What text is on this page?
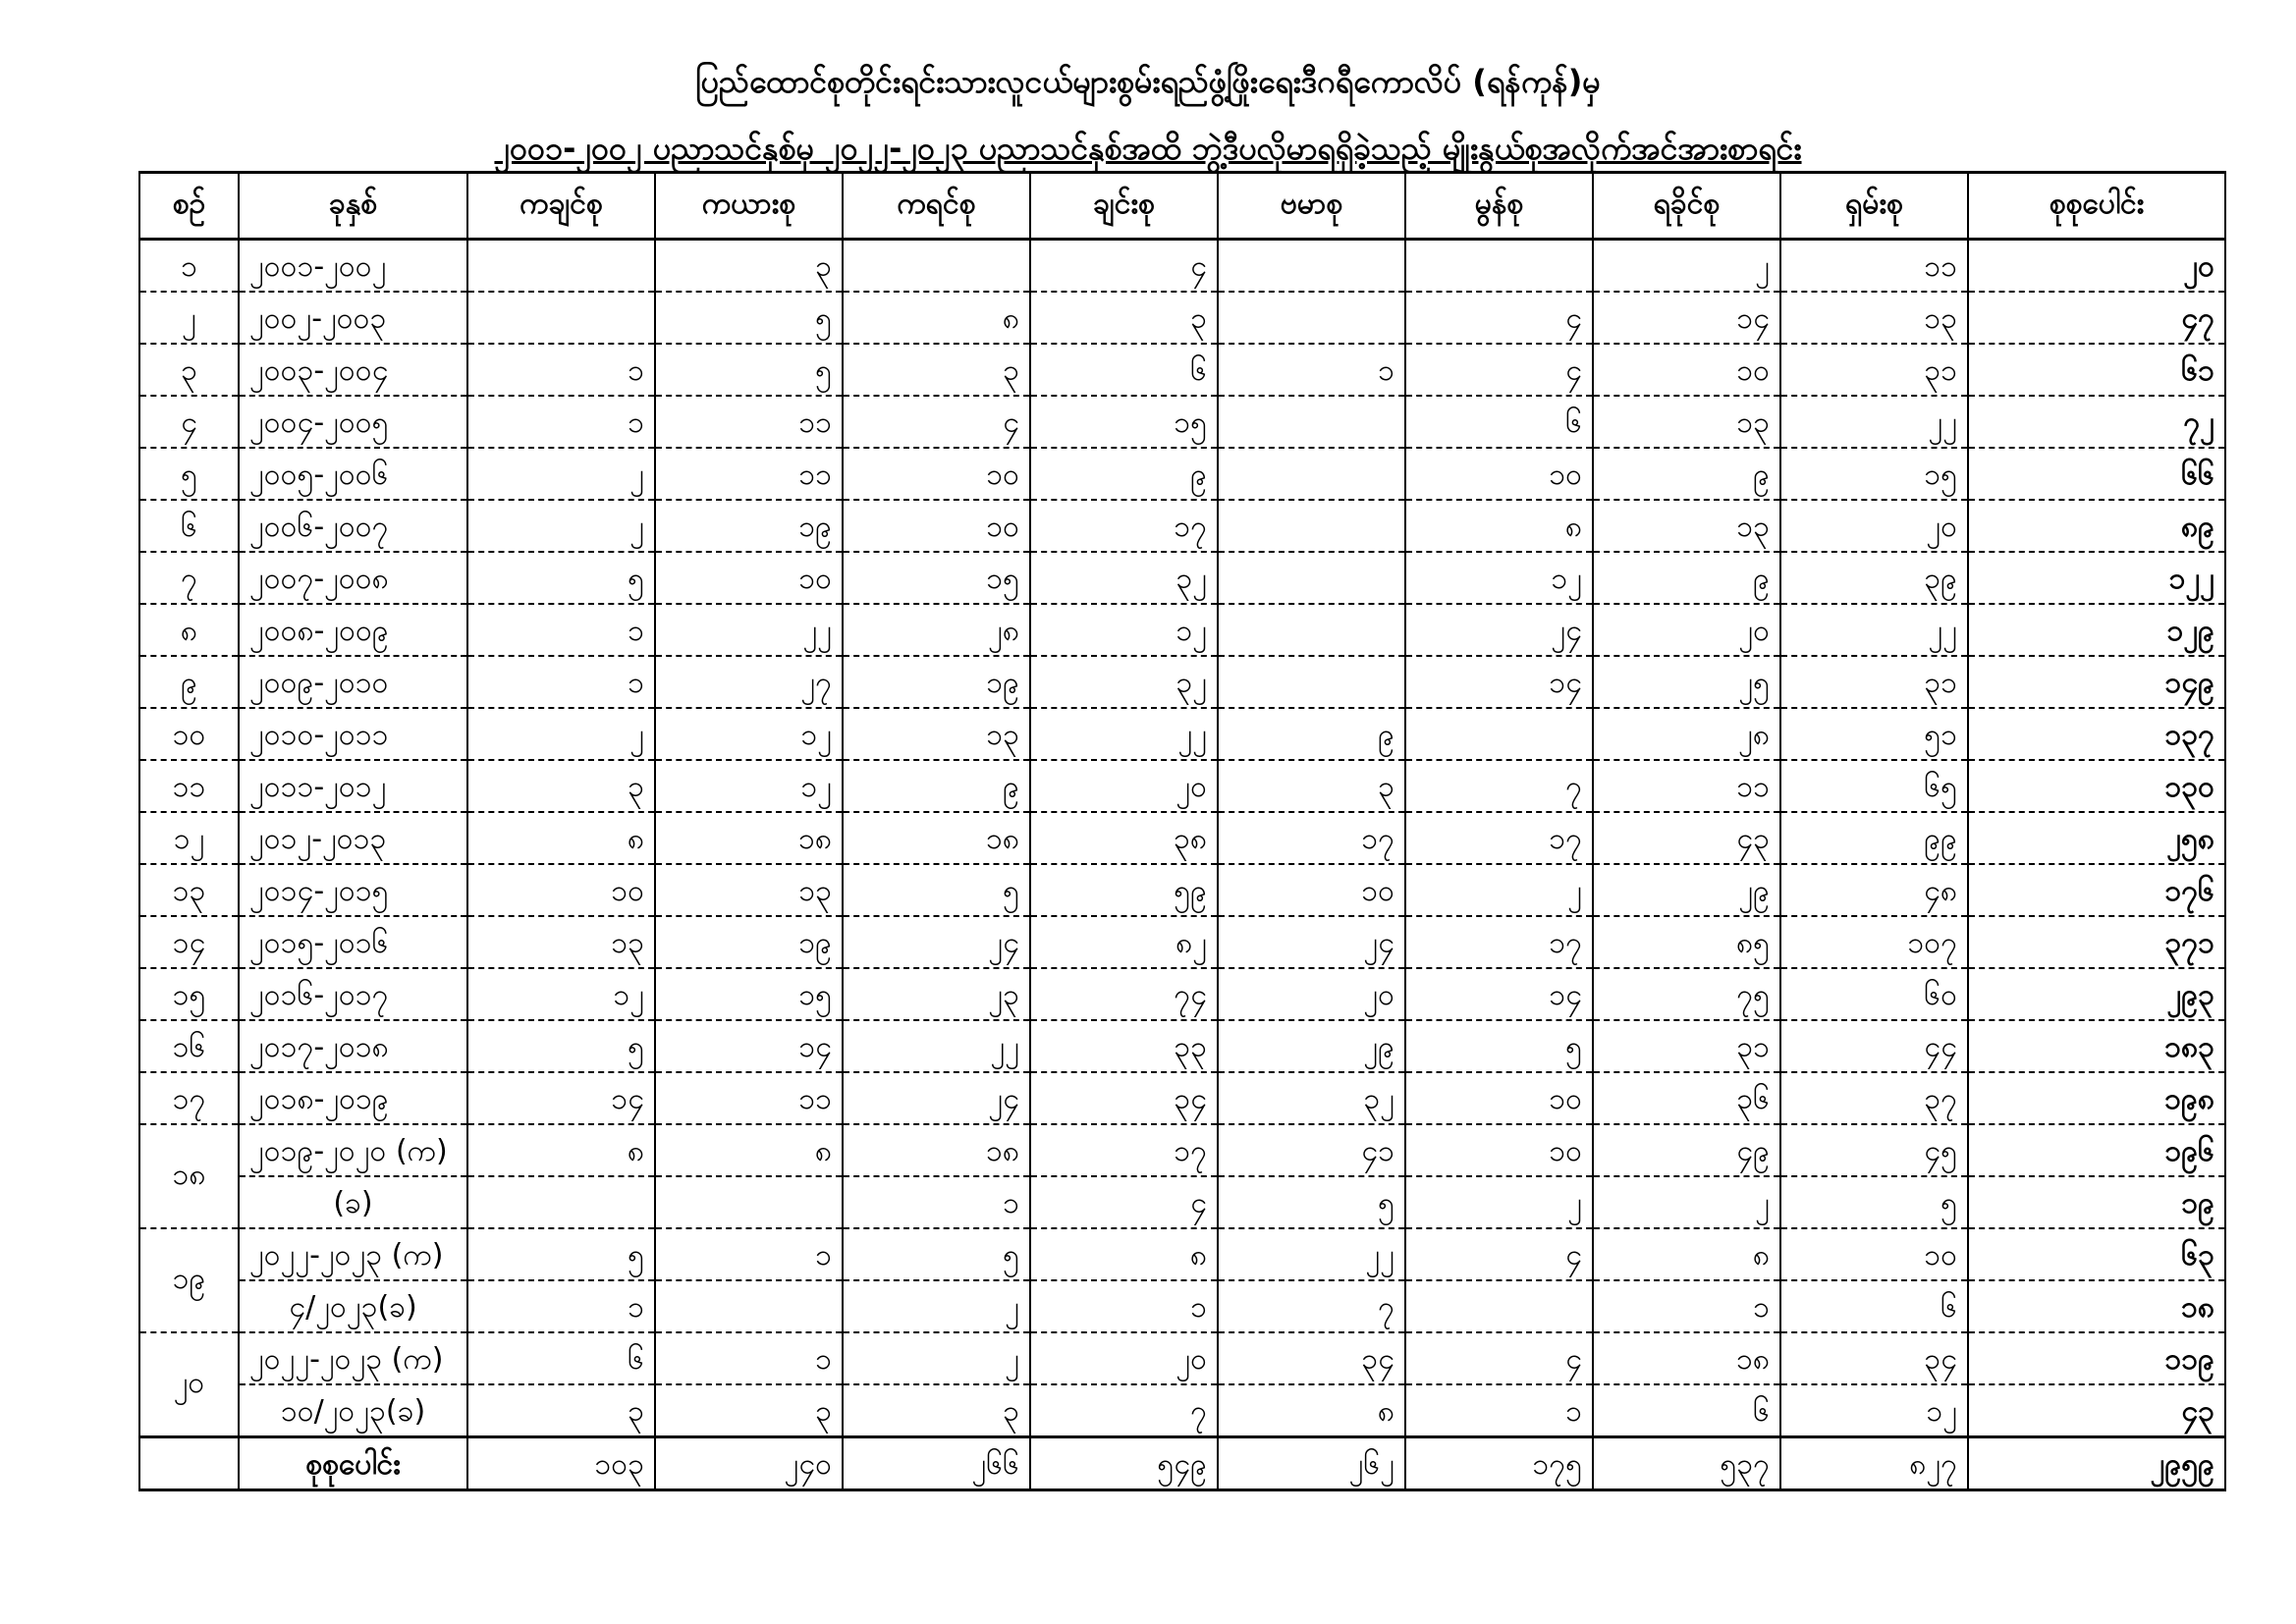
ပြည်ထောင်စုတိုင်းရင်းသားလူငယ်များစွမ်းရည်ဖွံ့ဖြိုးရေးဒီဂရီကောလိပ် (ရန်ကုန်)မှ
၂၀၀၁-၂၀၀၂ ပညာသင်နှစ်မှ ၂၀၂၂-၂၀၂၃ ပညာသင်နှစ်အထိ ဘွဲ့ဒီပလိုမာရရှိခဲ့သည့် မျိုးနွယ်စုအလိုက်အင်အားစာရင်း
စဉ်	ခုနှစ်	ကချင်စု	ကယားစု	ကရင်စု	ချင်းစု	ဗမာစု	မွန်စု	ရခိုင်စု	ရှမ်းစု	စုစုပေါင်း
၁	၂၀၀၁-၂၀၀၂		၃		၄			၂	၁၁	၂၀
၂	၂၀၀၂-၂၀၀၃		၅	၈	၃		၄	၁၄	၁၃	၄၇
၃	၂၀၀၃-၂၀၀၄	၁	၅	၃	၆	၁	၄	၁၀	၃၁	၆၁
၄	၂၀၀၄-၂၀၀၅	၁	၁၁	၄	၁၅		၆	၁၃	၂၂	၇၂
၅	၂၀၀၅-၂၀၀၆	၂	၁၁	၁၀	၉		၁၀	၉	၁၅	၆၆
၆	၂၀၀၆-၂၀၀၇	၂	၁၉	၁၀	၁၇		၈	၁၃	၂၀	၈၉
၇	၂၀၀၇-၂၀၀၈	၅	၁၀	၁၅	၃၂		၁၂	၉	၃၉	၁၂၂
၈	၂၀၀၈-၂၀၀၉	၁	၂၂	၂၈	၁၂		၂၄	၂၀	၂၂	၁၂၉
၉	၂၀၀၉-၂၀၁၀	၁	၂၇	၁၉	၃၂		၁၄	၂၅	၃၁	၁၄၉
၁၀	၂၀၁၀-၂၀၁၁	၂	၁၂	၁၃	၂၂	၉		၂၈	၅၁	၁၃၇
၁၁	၂၀၁၁-၂၀၁၂	၃	၁၂	၉	၂၀	၃	၇	၁၁	၆၅	၁၃၀
၁၂	၂၀၁၂-၂၀၁၃	၈	၁၈	၁၈	၃၈	၁၇	၁၇	၄၃	၉၉	၂၅၈
၁၃	၂၀၁၄-၂၀၁၅	၁၀	၁၃	၅	၅၉	၁၀	၂	၂၉	၄၈	၁၇၆
၁၄	၂၀၁၅-၂၀၁၆	၁၃	၁၉	၂၄	၈၂	၂၄	၁၇	၈၅	၁၀၇	၃၇၁
၁၅	၂၀၁၆-၂၀၁၇	၁၂	၁၅	၂၃	၇၄	၂၀	၁၄	၇၅	၆၀	၂၉၃
၁၆	၂၀၁၇-၂၀၁၈	၅	၁၄	၂၂	၃၃	၂၉	၅	၃၁	၄၄	၁၈၃
၁၇	၂၀၁၈-၂၀၁၉	၁၄	၁၁	၂၄	၃၄	၃၂	၁၀	၃၆	၃၇	၁၉၈
၁၈	၂၀၁၉-၂၀၂၀ (က)	၈	၈	၁၈	၁၇	၄၁	၁၀	၄၉	၄၅	၁၉၆
	(ခ)			၁	၄	၅	၂	၂	၅	၁၉
၁၉	၂၀၂၂-၂၀၂၃ (က)	၅	၁	၅	၈	၂၂	၄	၈	၁၀	၆၃
	၄/၂၀၂၃(ခ)	၁		၂	၁	၇		၁	၆	၁၈
၂၀	၂၀၂၂-၂၀၂၃ (က)	၆	၁	၂	၂၀	၃၄	၄	၁၈	၃၄	၁၁၉
	၁၀/၂၀၂၃(ခ)	၃	၃	၃	၇	၈	၁	၆	၁၂	၄၃
	စုစုပေါင်း	၁၀၃	၂၄၀	၂၆၆	၅၄၉	၂၆၂	၁၇၅	၅၃၇	၈၂၇	၂၉၅၉
